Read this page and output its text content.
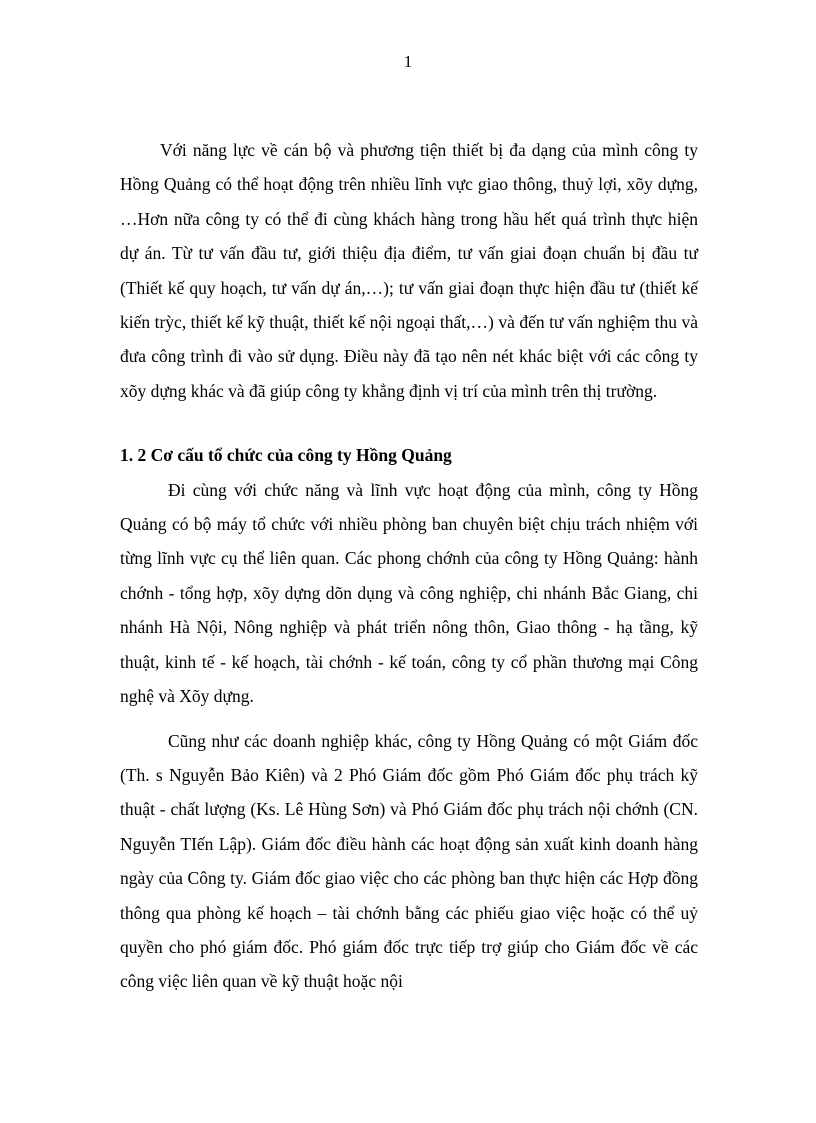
1

Với năng lực về cán bộ và phương tiện thiết bị đa dạng của mình công ty Hồng Quảng có thể hoạt động trên nhiều lĩnh vực giao thông, thuỷ lợi, xõy dựng, …Hơn nữa công ty có thể đi cùng khách hàng trong hầu hết quá trình thực hiện dự án. Từ tư vấn đầu tư, giới thiệu địa điểm, tư vấn giai đoạn chuẩn bị đầu tư (Thiết kế quy hoạch, tư vấn dự án,…); tư vấn giai đoạn thực hiện đầu tư (thiết kế kiến trỳc, thiết kế kỹ thuật, thiết kế nội ngoại thất,…) và đến tư vấn nghiệm thu và đưa công trình đi vào sử dụng. Điều này đã tạo nên nét khác biệt với các công ty xõy dựng khác và đã giúp công ty khẳng định vị trí của mình trên thị trường.

1. 2 Cơ cấu tổ chức của công ty Hồng Quảng

Đi cùng với chức năng và lĩnh vực hoạt động của mình, công ty Hồng Quảng có bộ máy tổ chức với nhiều phòng ban chuyên biệt chịu trách nhiệm với từng lĩnh vực cụ thể liên quan. Các phong chớnh của công ty Hồng Quảng: hành chớnh - tổng hợp, xõy dựng dõn dụng và công nghiệp, chi nhánh Bắc Giang, chi nhánh Hà Nội, Nông nghiệp và phát triển nông thôn, Giao thông - hạ tầng, kỹ thuật, kinh tế - kế hoạch, tài chớnh - kế toán, công ty cổ phần thương mại Công nghệ và Xõy dựng.

Cũng như các doanh nghiệp khác, công ty Hồng Quảng có một Giám đốc (Th. s Nguyễn Bảo Kiên) và 2 Phó Giám đốc gồm Phó Giám đốc phụ trách kỹ thuật - chất lượng (Ks. Lê Hùng Sơn) và Phó Giám đốc phụ trách nội chớnh (CN. Nguyễn TIến Lập). Giám đốc điều hành các hoạt động sản xuất kinh doanh hàng ngày của Công ty. Giám đốc giao việc cho các phòng ban thực hiện các Hợp đồng thông qua phòng kế hoạch – tài chớnh bằng các phiếu giao việc hoặc có thể uỷ quyền cho phó giám đốc. Phó giám đốc trực tiếp trợ giúp cho Giám đốc về các công việc liên quan về kỹ thuật hoặc nội
